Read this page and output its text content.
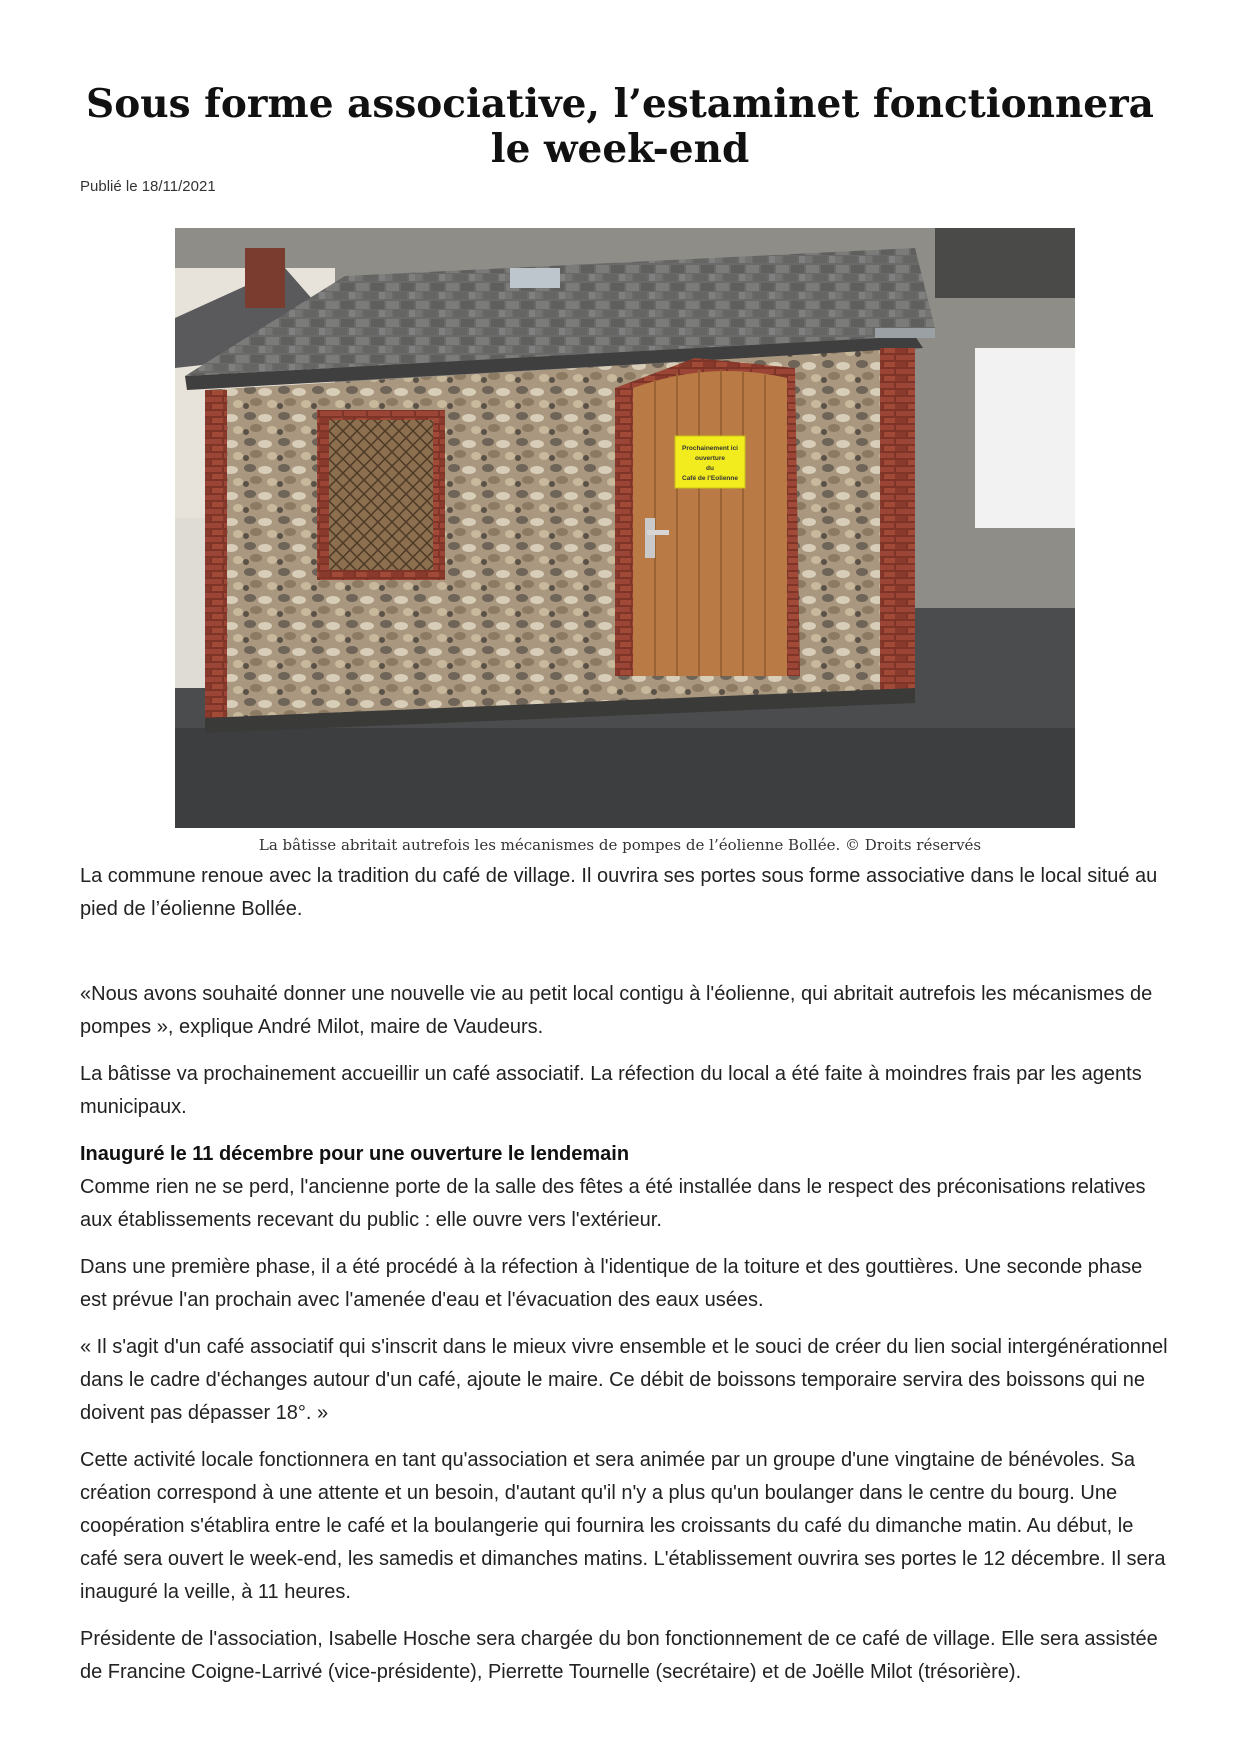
Sous forme associative, l’estaminet fonctionnera le week-end
Publié le 18/11/2021
Prochainement ici
ouverture
du
Café de l’Eolienne
La bâtisse abritait autrefois les mécanismes de pompes de l’éolienne Bollée. © Droits réservés

La commune renoue avec la tradition du café de village. Il ouvrira ses portes sous forme associative dans le local situé au pied de l’éolienne Bollée.

«Nous avons souhaité donner une nouvelle vie au petit local contigu à l'éolienne, qui abritait autrefois les mécanismes de pompes », explique André Milot, maire de Vaudeurs.

La bâtisse va prochainement accueillir un café associatif. La réfection du local a été faite à moindres frais par les agents municipaux.

Inauguré le 11 décembre pour une ouverture le lendemain

Comme rien ne se perd, l'ancienne porte de la salle des fêtes a été installée dans le respect des préconisations relatives aux établissements recevant du public : elle ouvre vers l'extérieur.

Dans une première phase, il a été procédé à la réfection à l'identique de la toiture et des gouttières. Une seconde phase est prévue l'an prochain avec l'amenée d'eau et l'évacuation des eaux usées.

« Il s'agit d'un café associatif qui s'inscrit dans le mieux vivre ensemble et le souci de créer du lien social intergénérationnel dans le cadre d'échanges autour d'un café, ajoute le maire. Ce débit de boissons temporaire servira des boissons qui ne doivent pas dépasser 18°. »

Cette activité locale fonctionnera en tant qu'association et sera animée par un groupe d'une vingtaine de bénévoles. Sa création correspond à une attente et un besoin, d'autant qu'il n'y a plus qu'un boulanger dans le centre du bourg. Une coopération s'établira entre le café et la boulangerie qui fournira les croissants du café du dimanche matin. Au début, le café sera ouvert le week-end, les samedis et dimanches matins. L'établissement ouvrira ses portes le 12 décembre. Il sera inauguré la veille, à 11 heures.

Présidente de l'association, Isabelle Hosche sera chargée du bon fonctionnement de ce café de village. Elle sera assistée de Francine Coigne-Larrivé (vice-présidente), Pierrette Tournelle (secrétaire) et de Joëlle Milot (trésorière).
